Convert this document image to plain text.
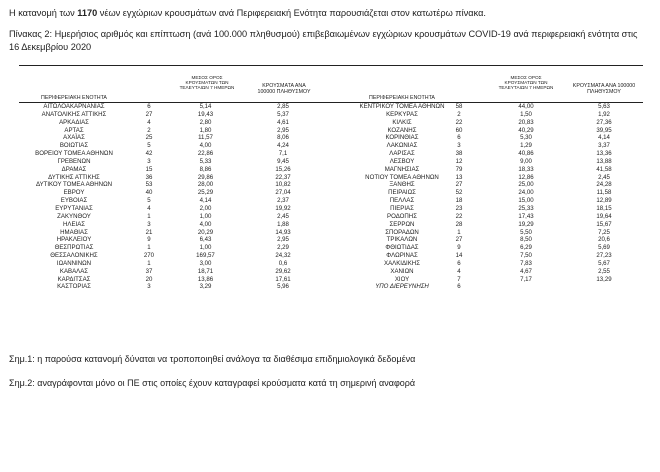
Η κατανομή των 1170 νέων εγχώριων κρουσμάτων ανά Περιφερειακή Ενότητα παρουσιάζεται στον κατωτέρω πίνακα.
Πίνακας 2: Ημερήσιος αριθμός και επίπτωση (ανά 100.000 πληθυσμού) επιβεβαιωμένων εγχώριων κρουσμάτων COVID-19 ανά περιφερειακή ενότητα στις 16 Δεκεμβρίου 2020
ΠΕΡΙΦΕΡΕΙΑΚΗ ΕΝΟΤΗΤΑ
ΜΕΣΟΣ ΟΡΟΣ ΚΡΟΥΣΜΑΤΩΝ ΤΩΝ ΤΕΛΕΥΤΑΙΩΝ 7 ΗΜΕΡΩΝ	ΚΡΟΥΣΜΑΤΑ ΑΝΑ 100000 ΠΛΗΘΥΣΜΟΥ
ΠΕΡΙΦΕΡΕΙΑΚΗ ΕΝΟΤΗΤΑ
ΜΕΣΟΣ ΟΡΟΣ ΚΡΟΥΣΜΑΤΩΝ ΤΩΝ ΤΕΛΕΥΤΑΙΩΝ 7 ΗΜΕΡΩΝ	ΚΡΟΥΣΜΑΤΑ ΑΝΑ 100000 ΠΛΗΘΥΣΜΟΥ
ΑΙΤΩΛΟΑΚΑΡΝΑΝΙΑΣ	6	5,14	2,85	ΚΕΝΤΡΙΚΟΥ ΤΟΜΕΑ ΑΘΗΝΩΝ	58	44,00	5,63
ΑΝΑΤΟΛΙΚΗΣ ΑΤΤΙΚΗΣ	27	19,43	5,37	ΚΕΡΚΥΡΑΣ	2	1,50	1,92
ΑΡΚΑΔΙΑΣ	4	2,80	4,61	ΚΙΛΚΙΣ	22	20,83	27,36
ΑΡΤΑΣ	2	1,80	2,95	ΚΟΖΑΝΗΣ	60	40,29	39,95
ΑΧΑΪΑΣ	25	11,57	8,06	ΚΟΡΙΝΘΙΑΣ	6	5,30	4,14
ΒΟΙΩΤΙΑΣ	5	4,00	4,24	ΛΑΚΩΝΙΑΣ	3	1,29	3,37
ΒΟΡΕΙΟΥ ΤΟΜΕΑ ΑΘΗΝΩΝ	42	22,86	7,1	ΛΑΡΙΣΑΣ	38	40,86	13,36
ΓΡΕΒΕΝΩΝ	3	5,33	9,45	ΛΕΣΒΟΥ	12	9,00	13,88
ΔΡΑΜΑΣ	15	8,86	15,26	ΜΑΓΝΗΣΙΑΣ	79	18,33	41,58
ΔΥΤΙΚΗΣ ΑΤΤΙΚΗΣ	36	29,86	22,37	ΝΟΤΙΟΥ ΤΟΜΕΑ ΑΘΗΝΩΝ	13	12,86	2,45
ΔΥΤΙΚΟΥ ΤΟΜΕΑ ΑΘΗΝΩΝ	53	28,00	10,82	ΞΑΝΘΗΣ	27	25,00	24,28
ΕΒΡΟΥ	40	25,29	27,04	ΠΕΙΡΑΙΩΣ	52	24,00	11,58
ΕΥΒΟΙΑΣ	5	4,14	2,37	ΠΕΛΛΑΣ	18	15,00	12,89
ΕΥΡΥΤΑΝΙΑΣ	4	2,00	19,92	ΠΙΕΡΙΑΣ	23	25,33	18,15
ΖΑΚΥΝΘΟΥ	1	1,00	2,45	ΡΟΔΟΠΗΣ	22	17,43	19,64
ΗΛΕΙΑΣ	3	4,00	1,88	ΣΕΡΡΩΝ	28	19,29	15,67
ΗΜΑΘΙΑΣ	21	20,29	14,93	ΣΠΟΡΑΔΩΝ	1	5,50	7,25
ΗΡΑΚΛΕΙΟΥ	9	6,43	2,95	ΤΡΙΚΑΛΩΝ	27	8,50	20,6
ΘΕΣΠΡΩΤΙΑΣ	1	1,00	2,29	ΦΘΙΩΤΙΔΑΣ	9	6,29	5,69
ΘΕΣΣΑΛΟΝΙΚΗΣ	270	169,57	24,32	ΦΛΩΡΙΝΑΣ	14	7,50	27,23
ΙΩΑΝΝΙΝΩΝ	1	3,00	0,6	ΧΑΛΚΙΔΙΚΗΣ	6	7,83	5,67
ΚΑΒΑΛΑΣ	37	18,71	29,62	ΧΑΝΙΩΝ	4	4,67	2,55
ΚΑΡΔΙΤΣΑΣ	20	13,86	17,61	ΧΙΟΥ	7	7,17	13,29
ΚΑΣΤΟΡΙΑΣ	3	3,29	5,96	ΥΠΟ ΔΙΕΡΕΥΝΗΣΗ	6
Σημ.1: η παρούσα κατανομή δύναται να τροποποιηθεί ανάλογα τα διαθέσιμα επιδημιολογικά δεδομένα
Σημ.2: αναγράφονται μόνο οι ΠΕ στις οποίες έχουν καταγραφεί κρούσματα κατά τη σημερινή αναφορά
